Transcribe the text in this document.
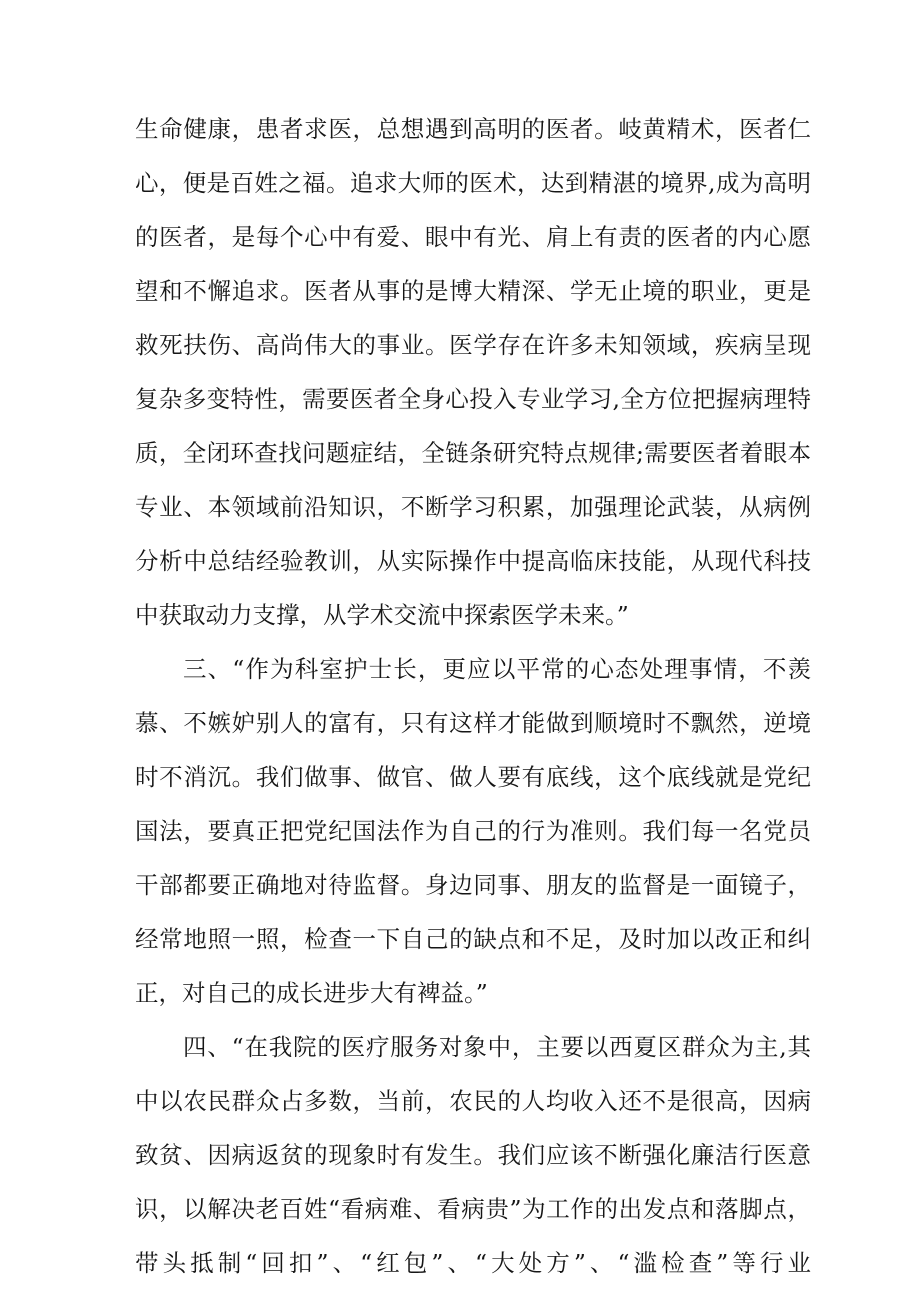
生命健康，患者求医，总想遇到高明的医者。岐黄精术，医者仁
心，便是百姓之福。追求大师的医术，达到精湛的境界,成为高明
的医者，是每个心中有爱、眼中有光、肩上有责的医者的内心愿
望和不懈追求。医者从事的是博大精深、学无止境的职业，更是
救死扶伤、高尚伟大的事业。医学存在许多未知领域，疾病呈现
复杂多变特性，需要医者全身心投入专业学习,全方位把握病理特
质，全闭环查找问题症结，全链条研究特点规律;需要医者着眼本
专业、本领域前沿知识，不断学习积累，加强理论武装，从病例
分析中总结经验教训，从实际操作中提高临床技能，从现代科技
中获取动力支撑，从学术交流中探索医学未来。”
三、“作为科室护士长，更应以平常的心态处理事情，不羡
慕、不嫉妒别人的富有，只有这样才能做到顺境时不飘然，逆境
时不消沉。我们做事、做官、做人要有底线，这个底线就是党纪
国法，要真正把党纪国法作为自己的行为准则。我们每一名党员
干部都要正确地对待监督。身边同事、朋友的监督是一面镜子，
经常地照一照，检查一下自己的缺点和不足，及时加以改正和纠
正，对自己的成长进步大有裨益。”
四、“在我院的医疗服务对象中，主要以西夏区群众为主,其
中以农民群众占多数，当前，农民的人均收入还不是很高，因病
致贫、因病返贫的现象时有发生。我们应该不断强化廉洁行医意
识，以解决老百姓“看病难、看病贵”为工作的出发点和落脚点，
带头抵制“回扣”、“红包”、“大处方”、“滥检查”等行业
